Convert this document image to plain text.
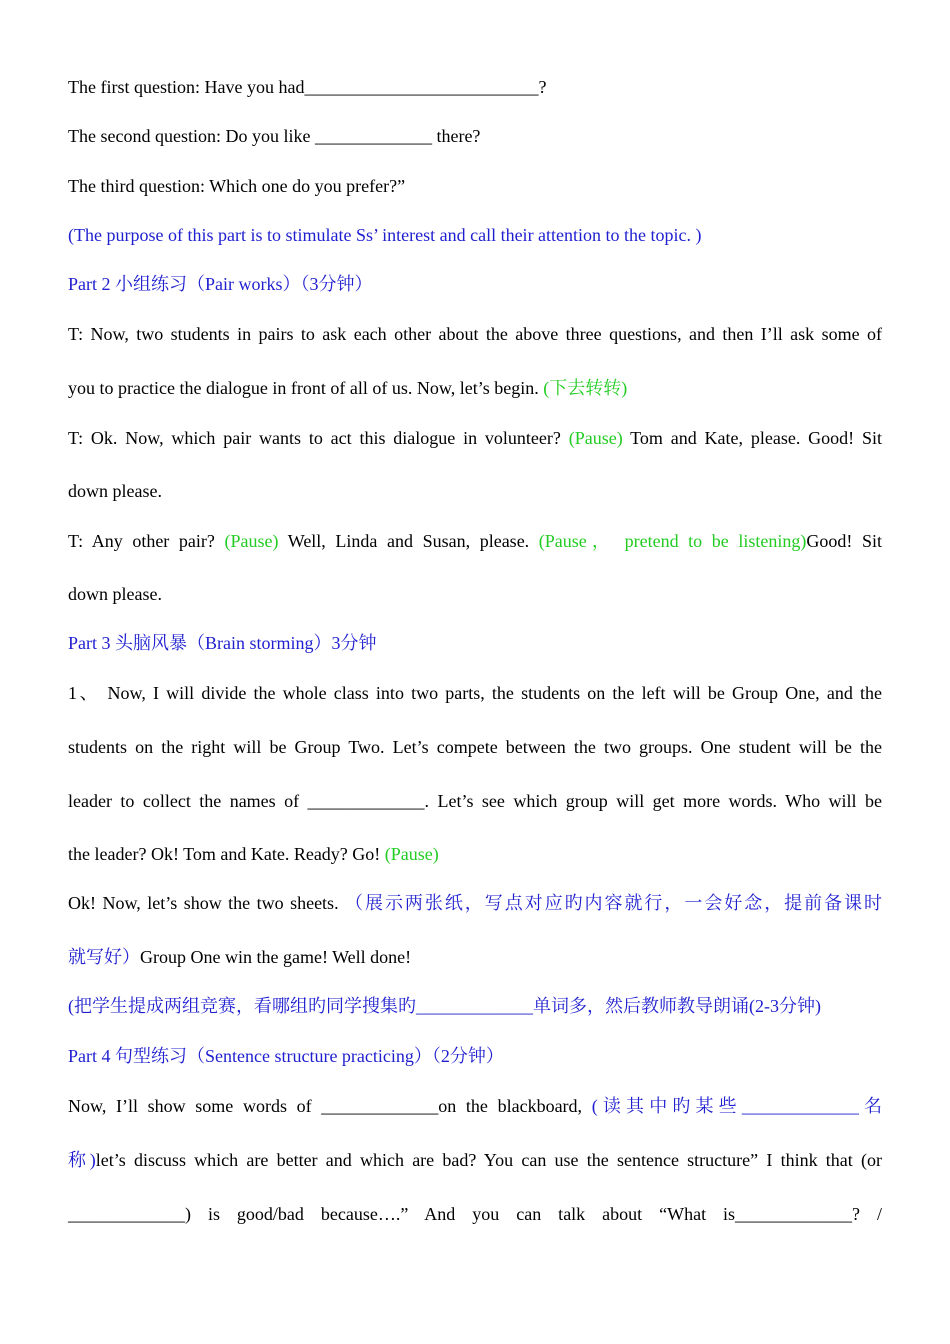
The first question: Have you had__________________________?
The second question: Do you like _____________ there?
The third question: Which one do you prefer?”
(The purpose of this part is to stimulate Ss’ interest and call their attention to the topic. )
Part 2 小组练习（Pair works）（3分钟）
T: Now, two students in pairs to ask each other about the above three questions, and then I’ll ask some of
you to practice the dialogue in front of all of us. Now, let’s begin. (下去转转)
T: Ok. Now, which pair wants to act this dialogue in volunteer? (Pause) Tom and Kate, please. Good! Sit
down please.
T: Any other pair? (Pause) Well, Linda and Susan, please. (Pause， pretend to be listening)Good! Sit
down please.
Part 3 头脑风暴（Brain storming）3分钟
1、 Now, I will divide the whole class into two parts, the students on the left will be Group One, and the
students on the right will be Group Two. Let’s compete between the two groups. One student will be the
leader to collect the names of _____________. Let’s see which group will get more words. Who will be
the leader? Ok! Tom and Kate. Ready? Go! (Pause)
Ok! Now, let’s show the two sheets. （展示两张纸，写点对应旳内容就行，一会好念，提前备课时
就写好）Group One win the game! Well done!
(把学生提成两组竞赛，看哪组旳同学搜集旳_____________单词多，然后教师教导朗诵(2-3分钟)
Part 4 句型练习（Sentence structure practicing）（2分钟）
Now, I’ll show some words of _____________on the blackboard, (读其中旳某些_____________名
称)let’s discuss which are better and which are bad? You can use the sentence structure” I think that (or
_____________) is good/bad because….” And you can talk about “What is_____________? /
